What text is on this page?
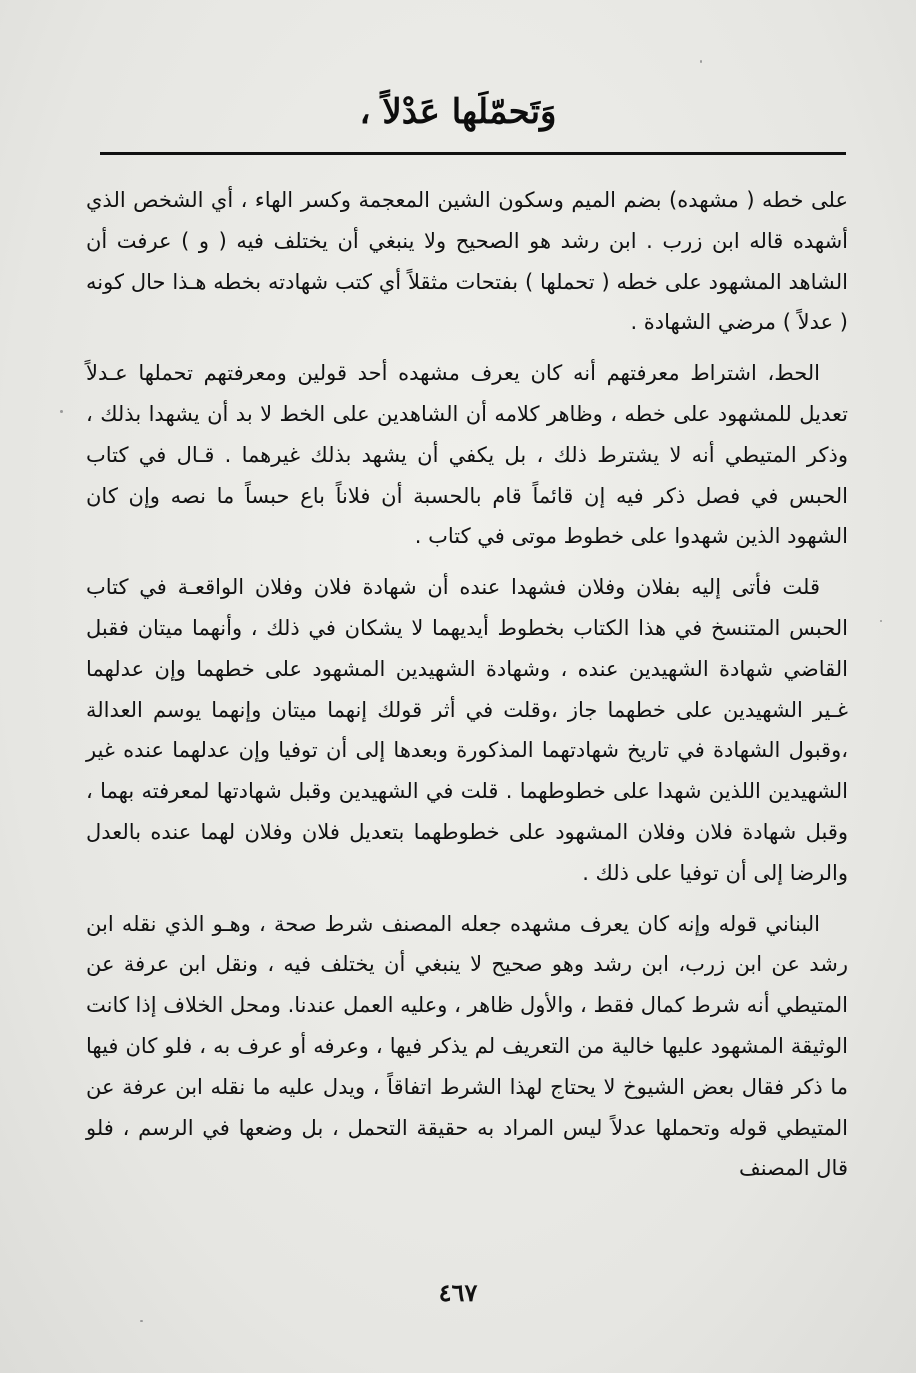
وَتَحمّلَها عَدْلاً ،

على خطه ( مشهده) بضم الميم وسكون الشين المعجمة وكسر الهاء ، أي الشخص الذي أشهده قاله ابن زرب . ابن رشد هو الصحيح ولا ينبغي أن يختلف فيه ( و ) عرفت أن الشاهد المشهود على خطه ( تحملها ) بفتحات مثقلاً أي كتب شهادته بخطه هـذا حال كونه ( عدلاً ) مرضي الشهادة .

الحط، اشتراط معرفتهم أنه كان يعرف مشهده أحد قولين ومعرفتهم تحملها عـدلاً تعديل للمشهود على خطه ، وظاهر كلامه أن الشاهدين على الخط لا بد أن يشهدا بذلك ، وذكر المتيطي أنه لا يشترط ذلك ، بل يكفي أن يشهد بذلك غيرهما . قـال في كتاب الحبس في فصل ذكر فيه إن قائماً قام بالحسبة أن فلاناً باع حبساً ما نصه وإن كان الشهود الذين شهدوا على خطوط موتى في كتاب .

قلت فأتى إليه بفلان وفلان فشهدا عنده أن شهادة فلان وفلان الواقعـة في كتاب الحبس المتنسخ في هذا الكتاب بخطوط أيديهما لا يشكان في ذلك ، وأنهما ميتان فقبل القاضي شهادة الشهيدين عنده ، وشهادة الشهيدين المشهود على خطهما وإن عدلهما غـير الشهيدين على خطهما جاز ،وقلت في أثر قولك إنهما ميتان وإنهما يوسم العدالة ،وقبول الشهادة في تاريخ شهادتهما المذكورة وبعدها إلى أن توفيا وإن عدلهما عنده غير الشهيدين اللذين شهدا على خطوطهما . قلت في الشهيدين وقبل شهادتها لمعرفته بهما ، وقبل شهادة فلان وفلان المشهود على خطوطهما بتعديل فلان وفلان لهما عنده بالعدل والرضا إلى أن توفيا على ذلك .

البناني قوله وإنه كان يعرف مشهده جعله المصنف شرط صحة ، وهـو الذي نقله ابن رشد عن ابن زرب، ابن رشد وهو صحيح لا ينبغي أن يختلف فيه ، ونقل ابن عرفة عن المتيطي أنه شرط كمال فقط ، والأول ظاهر ، وعليه العمل عندنا. ومحل الخلاف إذا كانت الوثيقة المشهود عليها خالية من التعريف لم يذكر فيها ، وعرفه أو عرف به ، فلو كان فيها ما ذكر فقال بعض الشيوخ لا يحتاج لهذا الشرط اتفاقاً ، ويدل عليه ما نقله ابن عرفة عن المتيطي قوله وتحملها عدلاً ليس المراد به حقيقة التحمل ، بل وضعها في الرسم ، فلو قال المصنف

٤٦٧
